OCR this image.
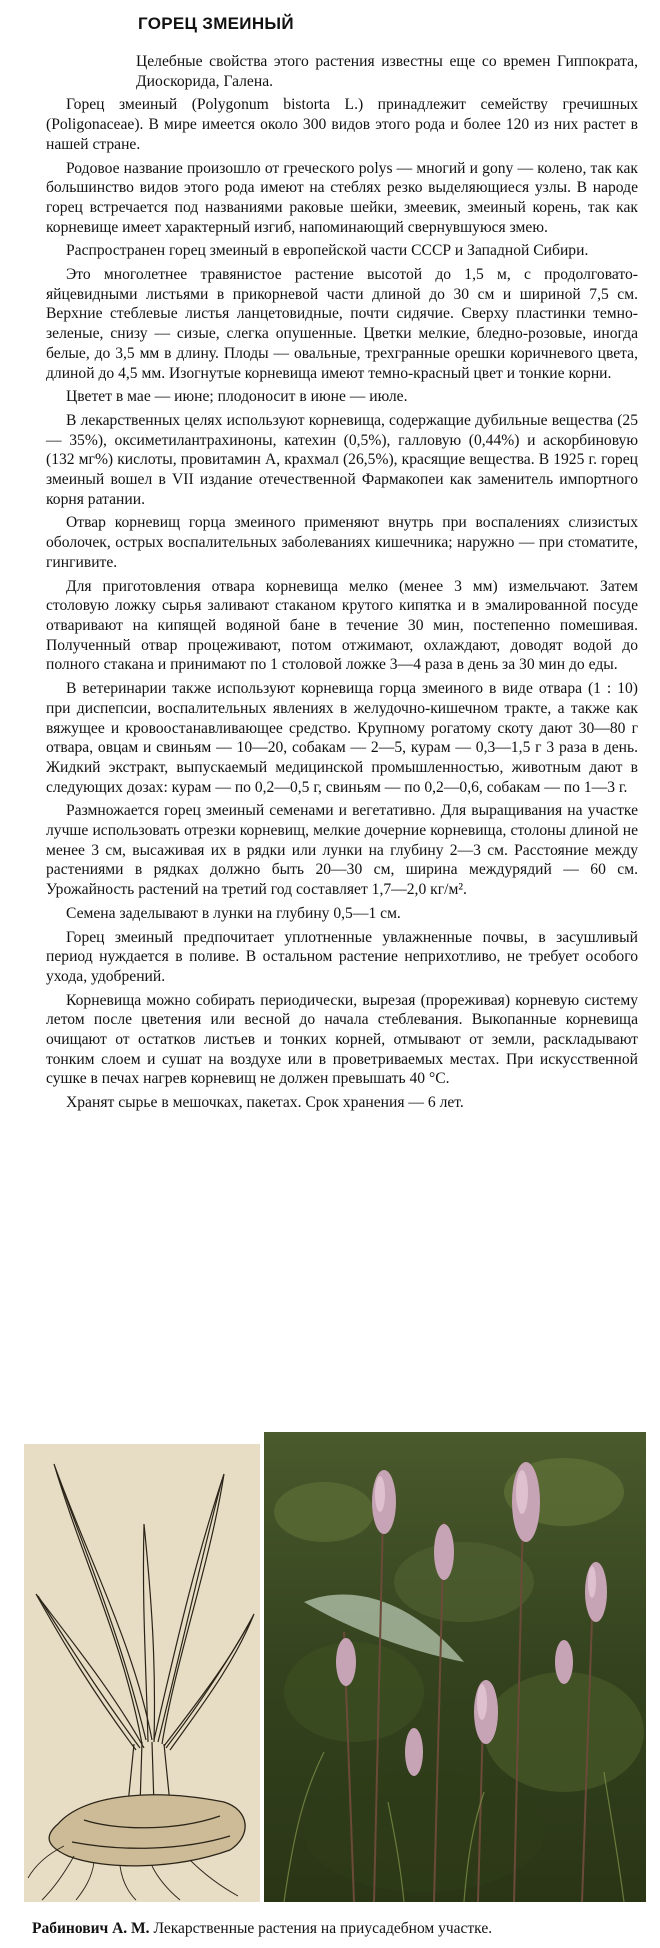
ГОРЕЦ ЗМЕИНЫЙ

Целебные свойства этого растения известны еще со времен Гиппократа, Диоскорида, Галена.

Горец змеиный (Polygonum bistorta L.) принадлежит семейству гречишных (Poligonaceae). В мире имеется около 300 видов этого рода и более 120 из них растет в нашей стране.

Родовое название произошло от греческого polys — многий и gony — колено, так как большинство видов этого рода имеют на стеблях резко выделяющиеся узлы. В народе горец встречается под названиями раковые шейки, змеевик, змеиный корень, так как корневище имеет характерный изгиб, напоминающий свернувшуюся змею.

Распространен горец змеиный в европейской части СССР и Западной Сибири.

Это многолетнее травянистое растение высотой до 1,5 м, с продолговато-яйцевидными листьями в прикорневой части длиной до 30 см и шириной 7,5 см. Верхние стеблевые листья ланцетовидные, почти сидячие. Сверху пластинки темно-зеленые, снизу — сизые, слегка опушенные. Цветки мелкие, бледно-розовые, иногда белые, до 3,5 мм в длину. Плоды — овальные, трехгранные орешки коричневого цвета, длиной до 4,5 мм. Изогнутые корневища имеют темно-красный цвет и тонкие корни.

Цветет в мае — июне; плодоносит в июне — июле.

В лекарственных целях используют корневища, содержащие дубильные вещества (25 — 35%), оксиметилантрахиноны, катехин (0,5%), галловую (0,44%) и аскорбиновую (132 мг%) кислоты, провитамин А, крахмал (26,5%), красящие вещества. В 1925 г. горец змеиный вошел в VII издание отечественной Фармакопеи как заменитель импортного корня ратании.

Отвар корневищ горца змеиного применяют внутрь при воспалениях слизистых оболочек, острых воспалительных заболеваниях кишечника; наружно — при стоматите, гингивите.

Для приготовления отвара корневища мелко (менее 3 мм) измельчают. Затем столовую ложку сырья заливают стаканом крутого кипятка и в эмалированной посуде отваривают на кипящей водяной бане в течение 30 мин, постепенно помешивая. Полученный отвар процеживают, потом отжимают, охлаждают, доводят водой до полного стакана и принимают по 1 столовой ложке 3—4 раза в день за 30 мин до еды.

В ветеринарии также используют корневища горца змеиного в виде отвара (1 : 10) при диспепсии, воспалительных явлениях в желудочно-кишечном тракте, а также как вяжущее и кровоостанавливающее средство. Крупному рогатому скоту дают 30—80 г отвара, овцам и свиньям — 10—20, собакам — 2—5, курам — 0,3—1,5 г 3 раза в день. Жидкий экстракт, выпускаемый медицинской промышленностью, животным дают в следующих дозах: курам — по 0,2—0,5 г, свиньям — по 0,2—0,6, собакам — по 1—3 г.

Размножается горец змеиный семенами и вегетативно. Для выращивания на участке лучше использовать отрезки корневищ, мелкие дочерние корневища, столоны длиной не менее 3 см, высаживая их в рядки или лунки на глубину 2—3 см. Расстояние между растениями в рядках должно быть 20—30 см, ширина междурядий — 60 см. Урожайность растений на третий год составляет 1,7—2,0 кг/м².

Семена заделывают в лунки на глубину 0,5—1 см.

Горец змеиный предпочитает уплотненные увлажненные почвы, в засушливый период нуждается в поливе. В остальном растение неприхотливо, не требует особого ухода, удобрений.

Корневища можно собирать периодически, вырезая (прореживая) корневую систему летом после цветения или весной до начала стеблевания. Выкопанные корневища очищают от остатков листьев и тонких корней, отмывают от земли, раскладывают тонким слоем и сушат на воздухе или в проветриваемых местах. При искусственной сушке в печах нагрев корневищ не должен превышать 40 °С.

Хранят сырье в мешочках, пакетах. Срок хранения — 6 лет.

Рабинович А. М. Лекарственные растения на приусадебном участке.
